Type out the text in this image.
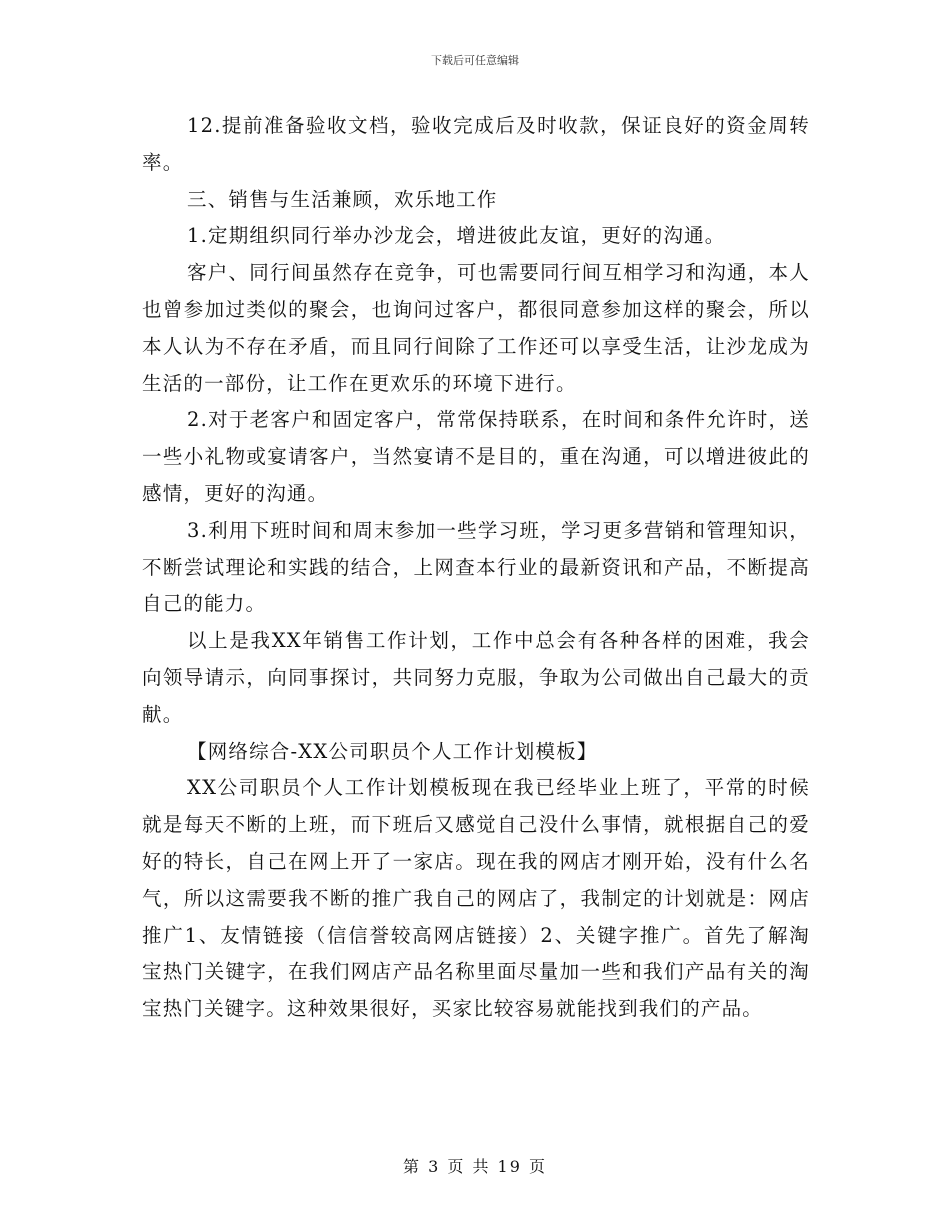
下载后可任意编辑

12.提前准备验收文档，验收完成后及时收款，保证良好的资金周转率。

三、销售与生活兼顾，欢乐地工作

1.定期组织同行举办沙龙会，增进彼此友谊，更好的沟通。

客户、同行间虽然存在竞争，可也需要同行间互相学习和沟通，本人也曾参加过类似的聚会，也询问过客户，都很同意参加这样的聚会，所以本人认为不存在矛盾，而且同行间除了工作还可以享受生活，让沙龙成为生活的一部份，让工作在更欢乐的环境下进行。

2.对于老客户和固定客户，常常保持联系，在时间和条件允许时，送一些小礼物或宴请客户，当然宴请不是目的，重在沟通，可以增进彼此的感情，更好的沟通。

3.利用下班时间和周末参加一些学习班，学习更多营销和管理知识，不断尝试理论和实践的结合，上网查本行业的最新资讯和产品，不断提高自己的能力。

以上是我XX年销售工作计划，工作中总会有各种各样的困难，我会向领导请示，向同事探讨，共同努力克服，争取为公司做出自己最大的贡献。

【网络综合-XX公司职员个人工作计划模板】

XX公司职员个人工作计划模板现在我已经毕业上班了，平常的时候就是每天不断的上班，而下班后又感觉自己没什么事情，就根据自己的爱好的特长，自己在网上开了一家店。现在我的网店才刚开始，没有什么名气，所以这需要我不断的推广我自己的网店了，我制定的计划就是：网店推广1、友情链接（信信誉较高网店链接）2、关键字推广。首先了解淘宝热门关键字，在我们网店产品名称里面尽量加一些和我们产品有关的淘宝热门关键字。这种效果很好，买家比较容易就能找到我们的产品。

第 3 页 共 19 页
